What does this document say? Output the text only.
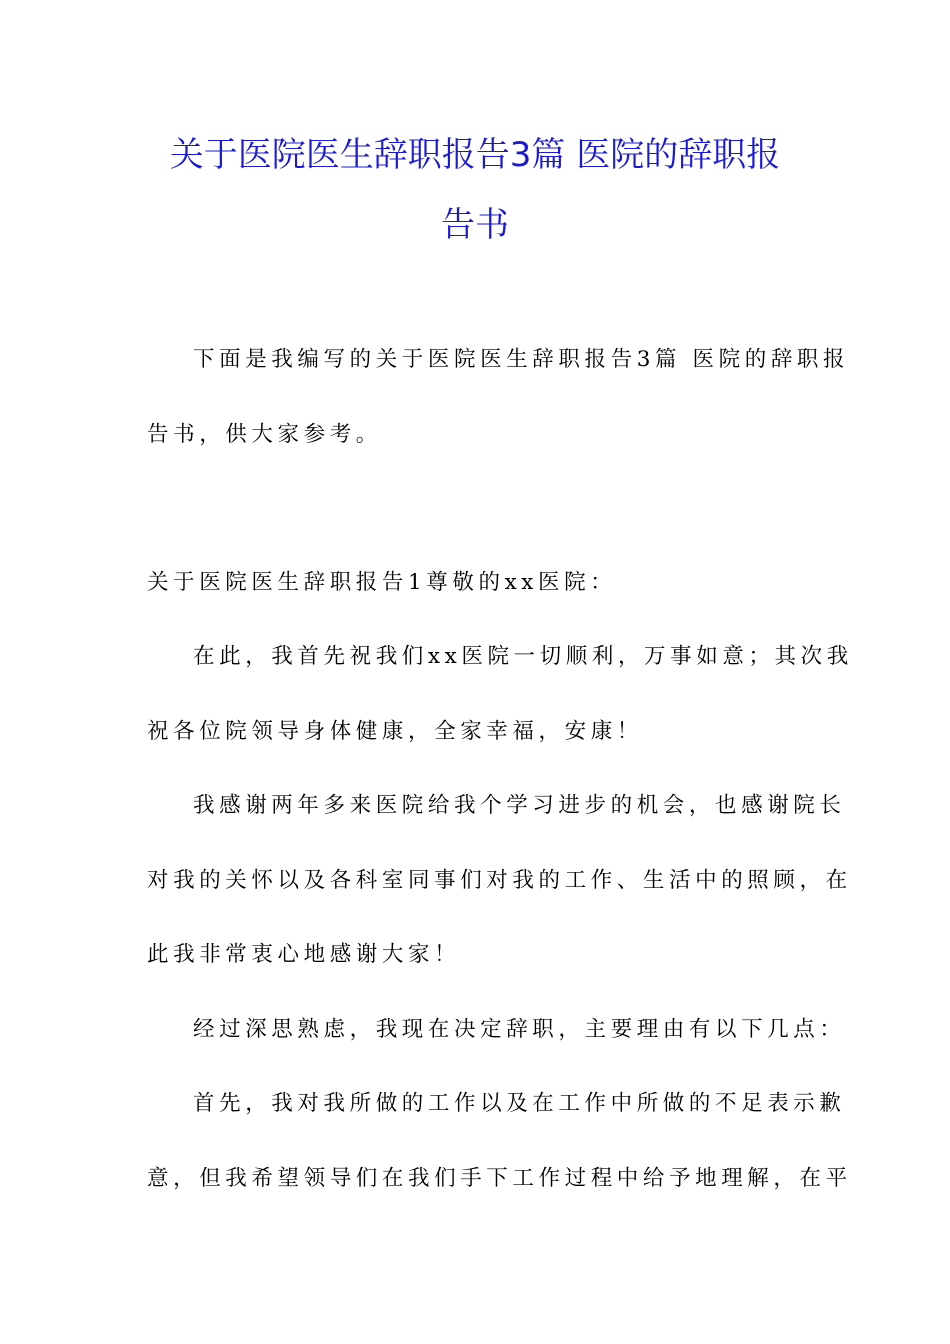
关于医院医生辞职报告3篇 医院的辞职报
告书
下面是我编写的关于医院医生辞职报告3篇 医院的辞职报
告书，供大家参考。
关于医院医生辞职报告1尊敬的xx医院：
在此，我首先祝我们xx医院一切顺利，万事如意；其次我
祝各位院领导身体健康，全家幸福，安康！
我感谢两年多来医院给我个学习进步的机会，也感谢院长
对我的关怀以及各科室同事们对我的工作、生活中的照顾，在
此我非常衷心地感谢大家！
经过深思熟虑，我现在决定辞职，主要理由有以下几点：
首先，我对我所做的工作以及在工作中所做的不足表示歉
意，但我希望领导们在我们手下工作过程中给予地理解，在平
